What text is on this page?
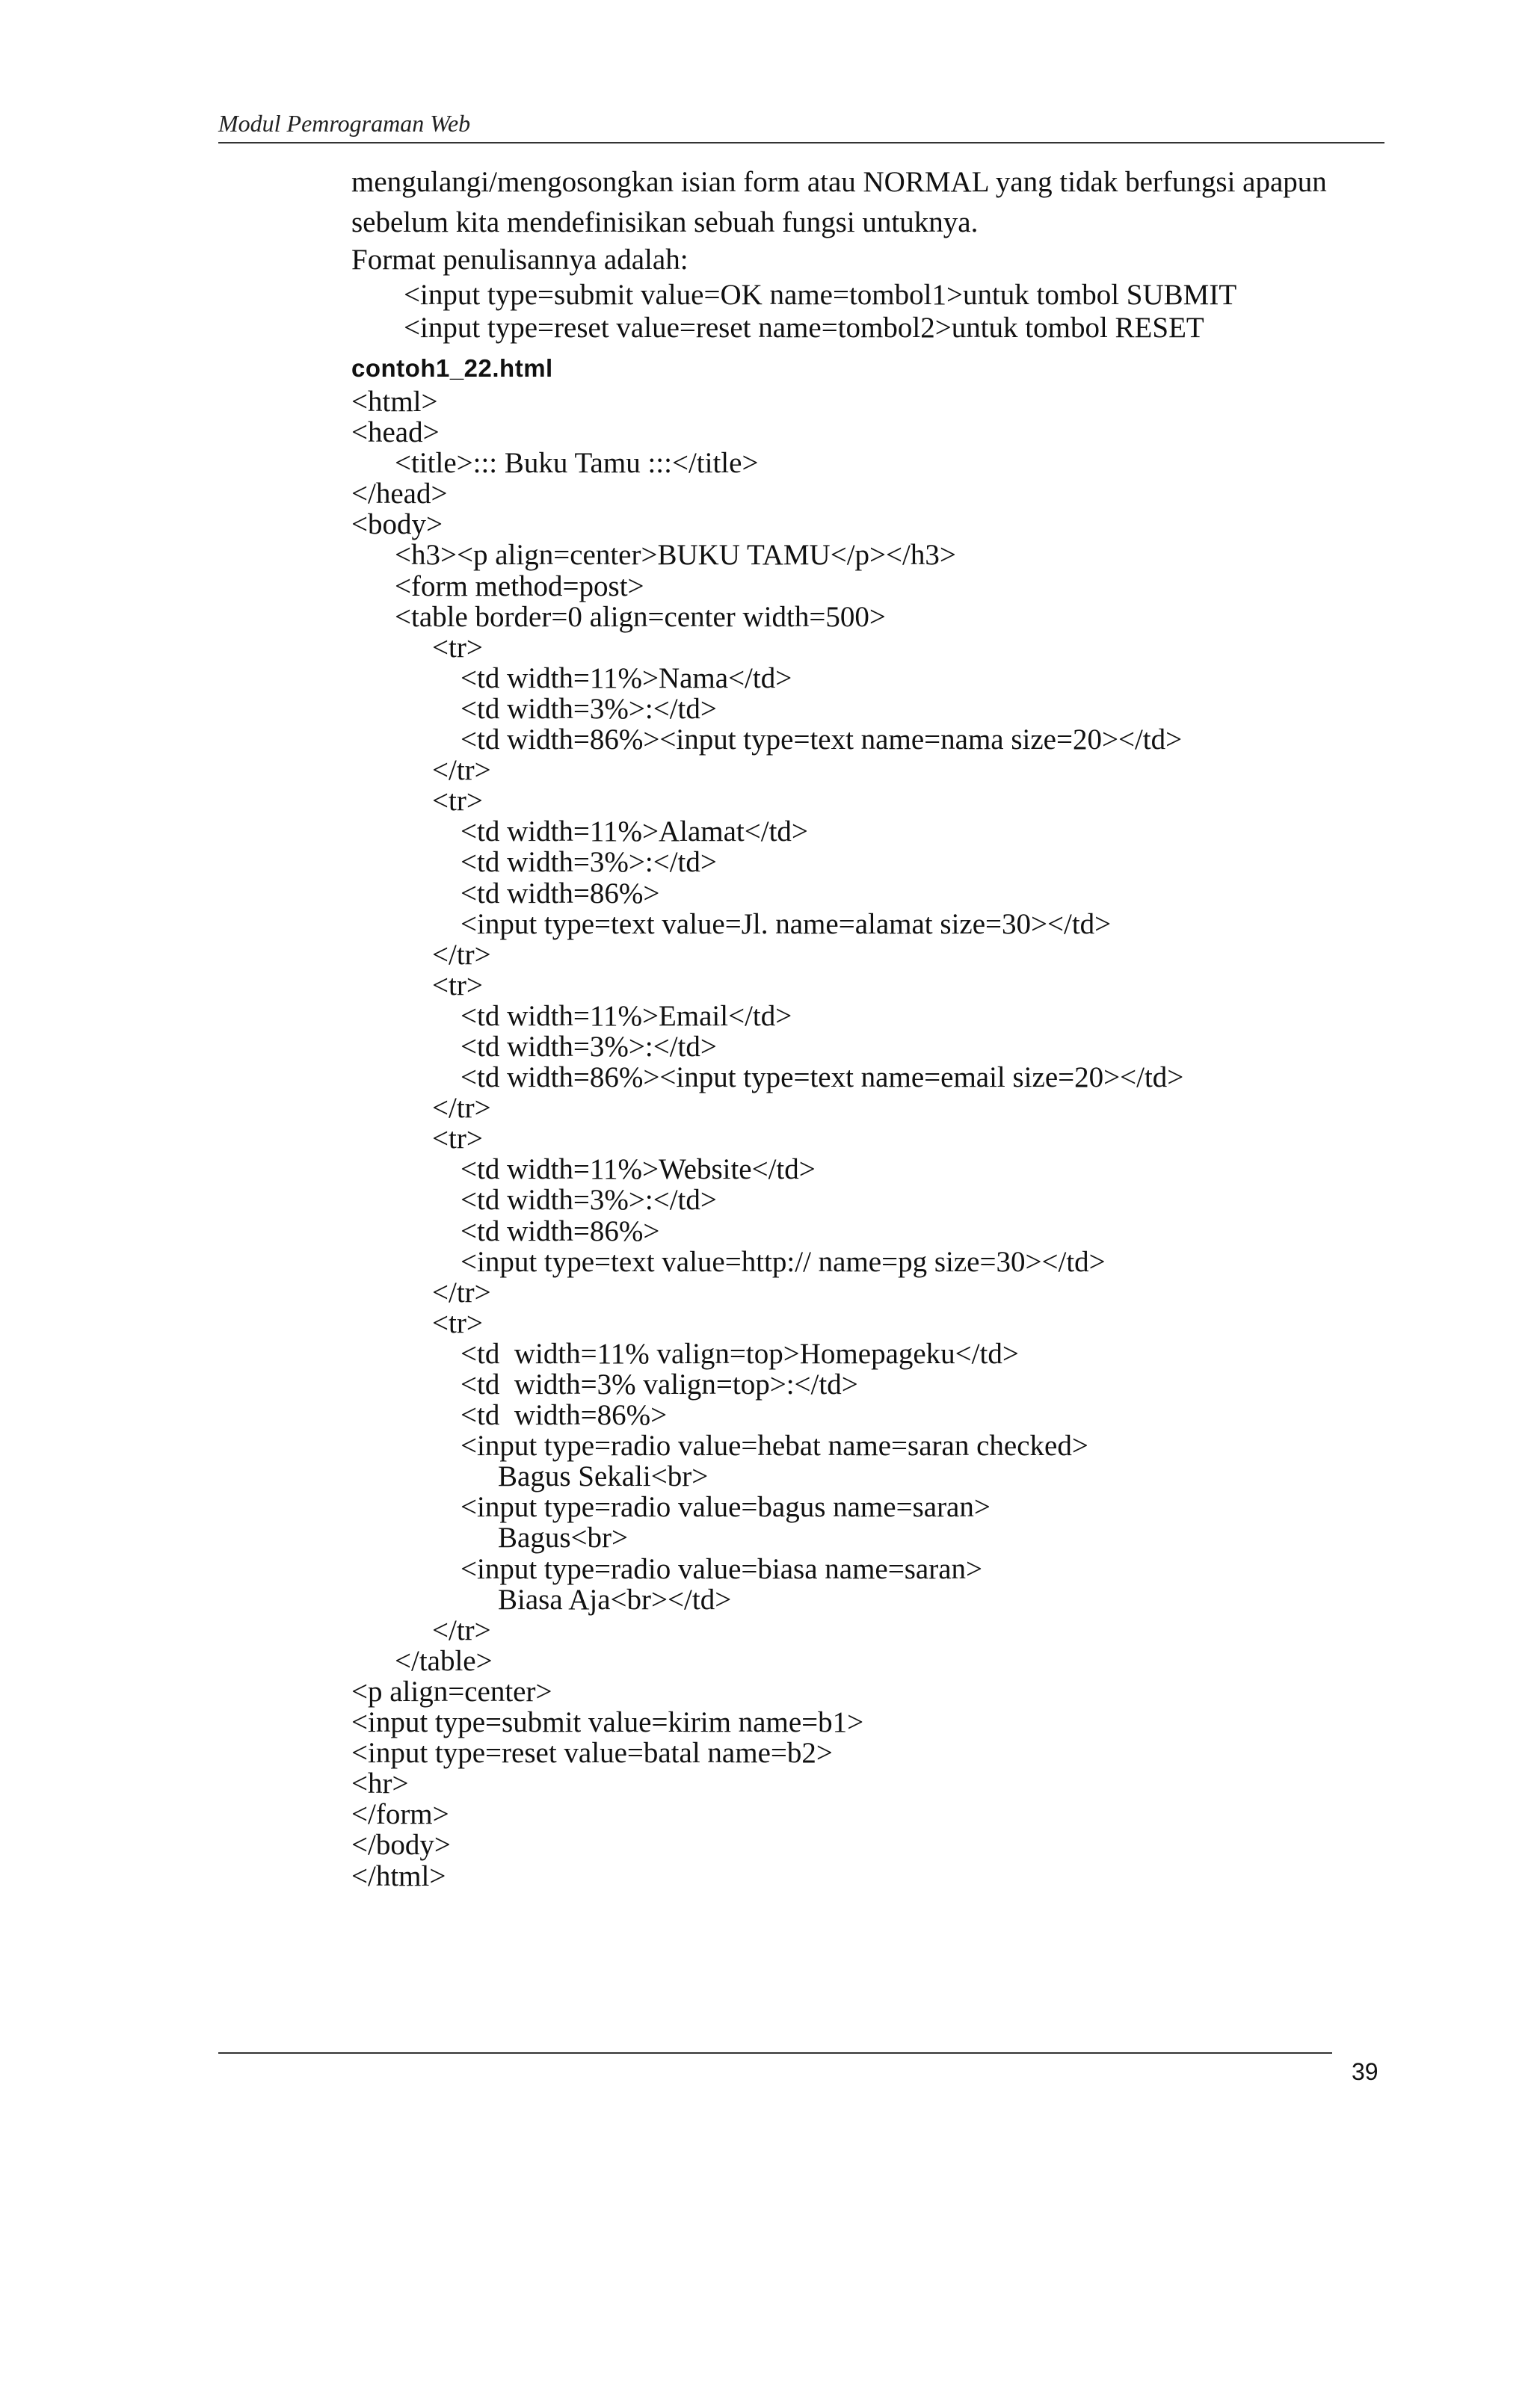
Modul Pemrograman Web

mengulangi/mengosongkan isian form atau NORMAL yang tidak berfungsi apapun

sebelum kita mendefinisikan sebuah fungsi untuknya.

Format penulisannya adalah:

<input type=submit value=OK name=tombol1>untuk tombol SUBMIT

<input type=reset value=reset name=tombol2>untuk tombol RESET

contoh1_22.html

<html>
<head>
<title>::: Buku Tamu :::</title>
</head>
<body>
<h3><p align=center>BUKU TAMU</p></h3>
<form method=post>
<table border=0 align=center width=500>
<tr>
<td width=11%>Nama</td>
<td width=3%>:</td>
<td width=86%><input type=text name=nama size=20></td>
</tr>
<tr>
<td width=11%>Alamat</td>
<td width=3%>:</td>
<td width=86%>
<input type=text value=Jl. name=alamat size=30></td>
</tr>
<tr>
<td width=11%>Email</td>
<td width=3%>:</td>
<td width=86%><input type=text name=email size=20></td>
</tr>
<tr>
<td width=11%>Website</td>
<td width=3%>:</td>
<td width=86%>
<input type=text value=http:// name=pg size=30></td>
</tr>
<tr>
<td  width=11% valign=top>Homepageku</td>
<td  width=3% valign=top>:</td>
<td  width=86%>
<input type=radio value=hebat name=saran checked>
Bagus Sekali<br>
<input type=radio value=bagus name=saran>
Bagus<br>
<input type=radio value=biasa name=saran>
Biasa Aja<br></td>
</tr>
</table>
<p align=center>
<input type=submit value=kirim name=b1>
<input type=reset value=batal name=b2>
<hr>
</form>
</body>
</html>
39
